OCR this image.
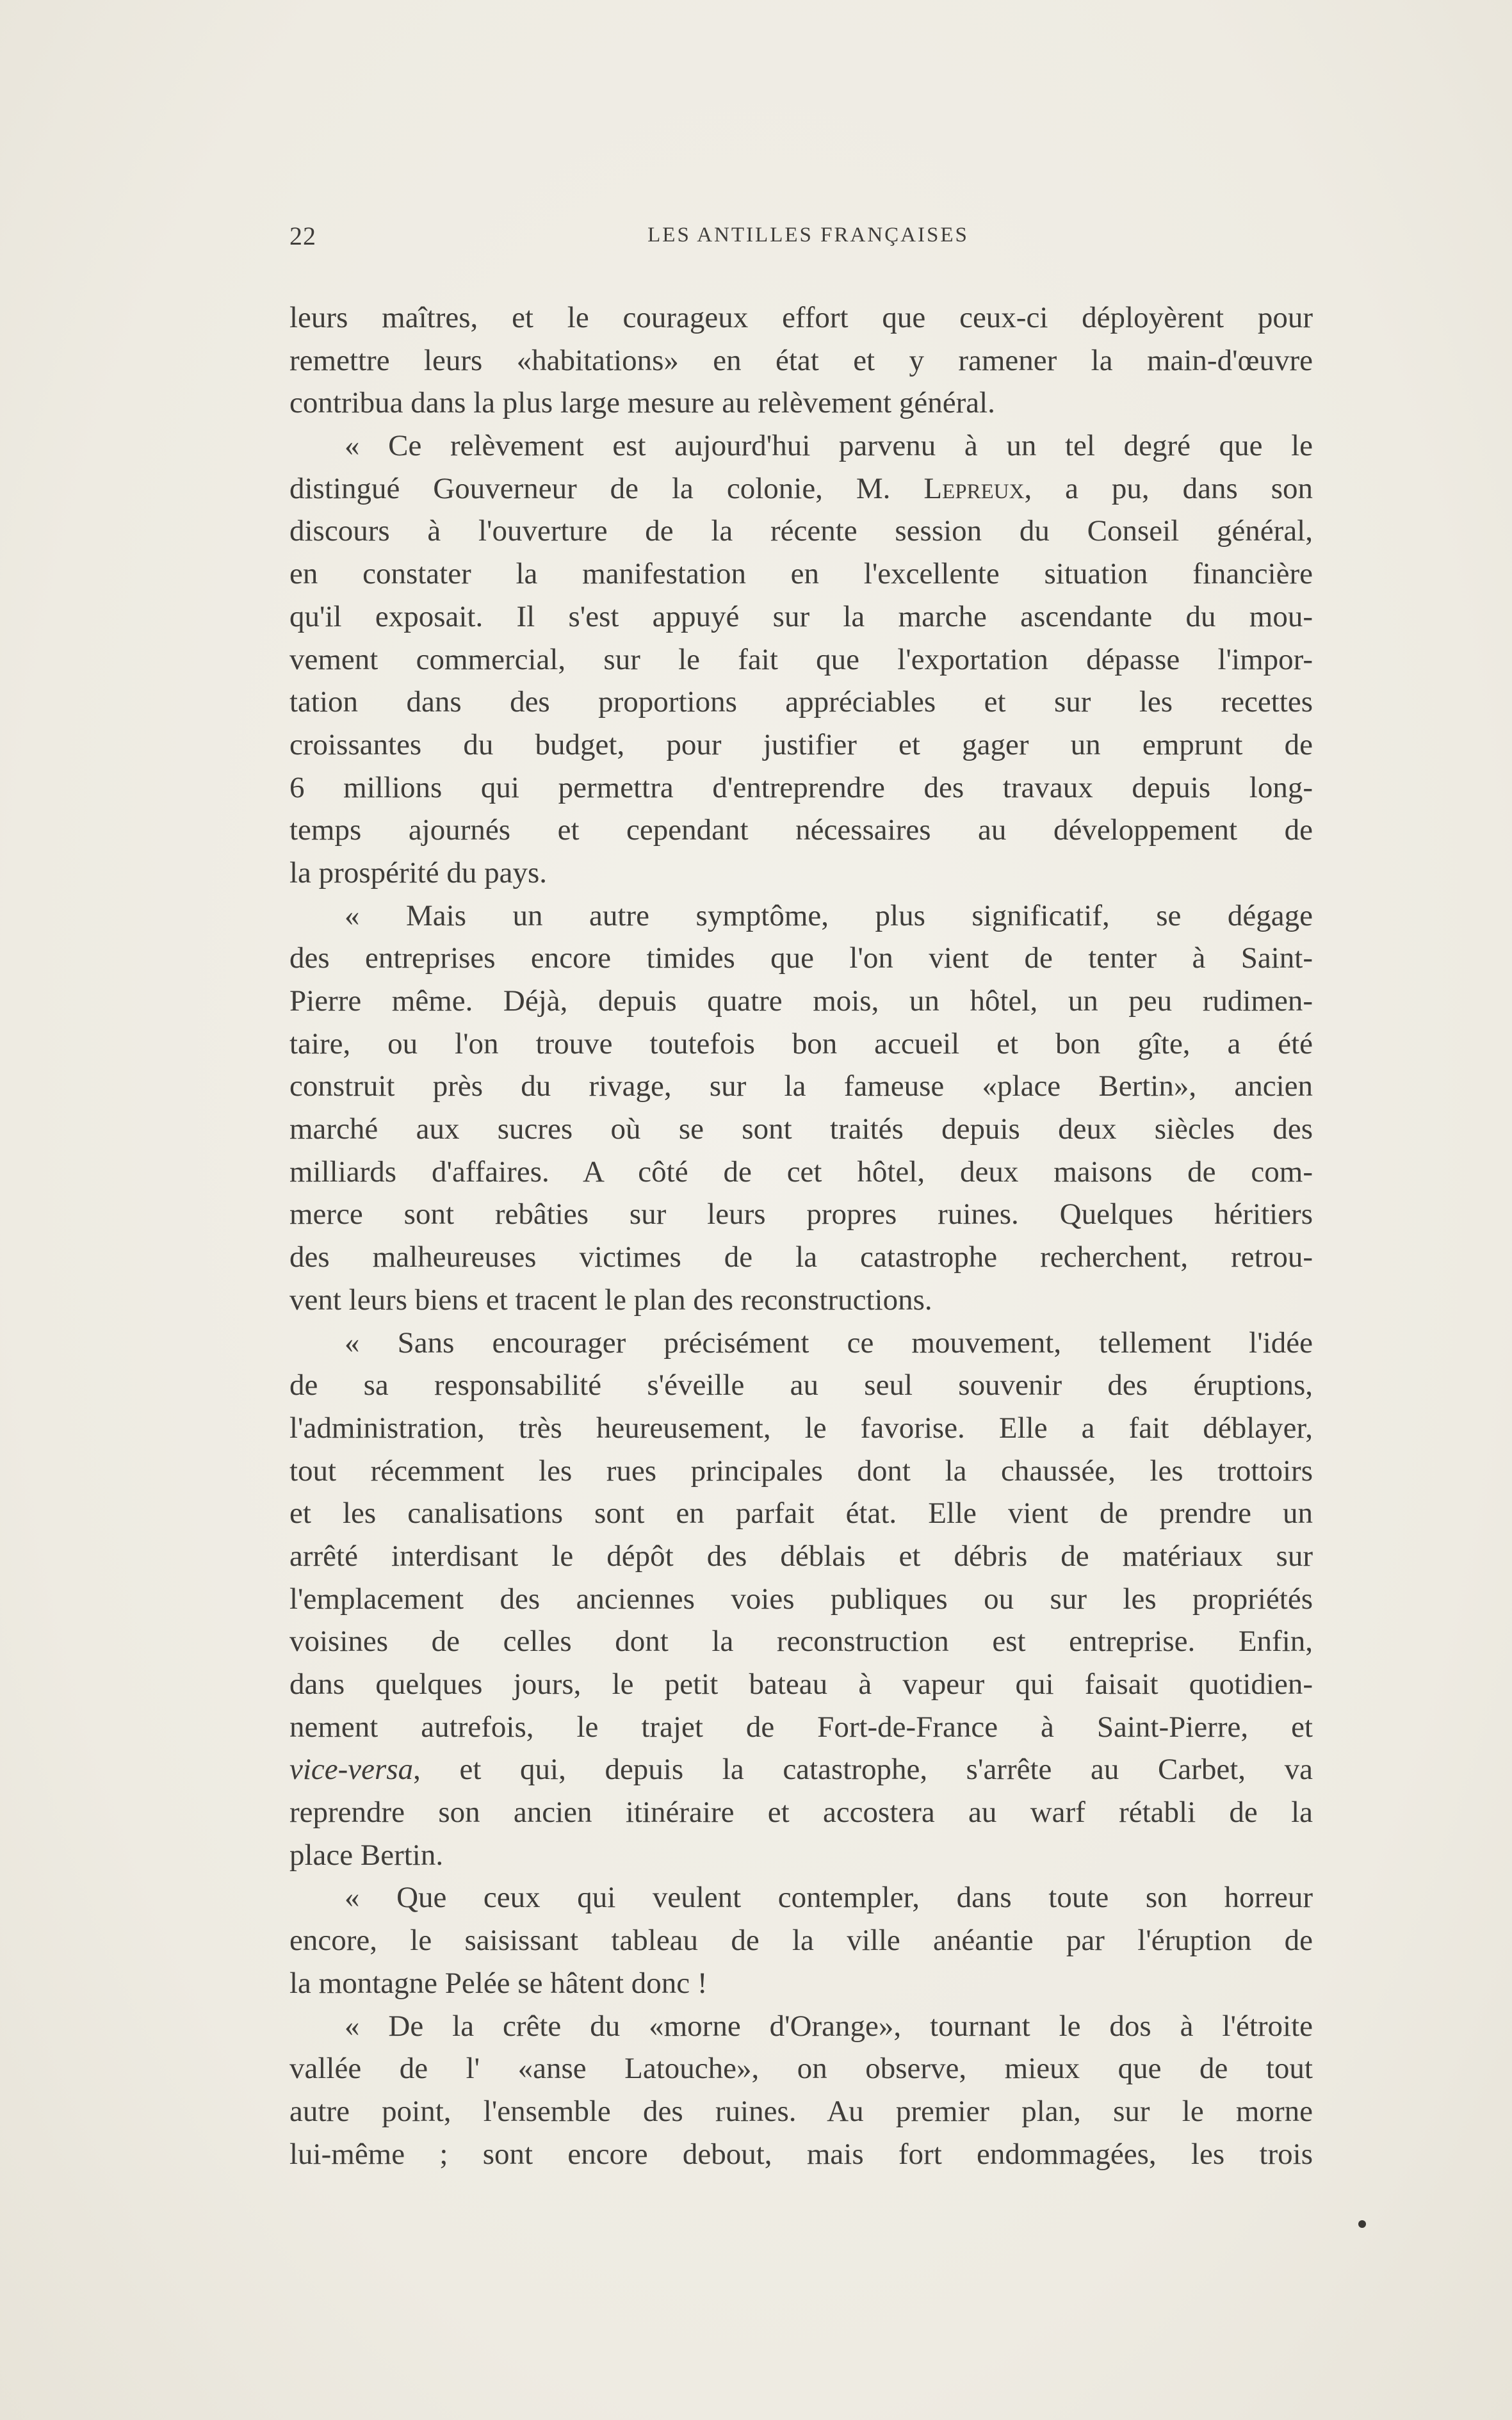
22	LES ANTILLES FRANÇAISES
leurs maîtres, et le courageux effort que ceux-ci déployèrent pour
remettre leurs «habitations» en état et y ramener la main-d'œuvre
contribua dans la plus large mesure au relèvement général.
« Ce relèvement est aujourd'hui parvenu à un tel degré que le
distingué Gouverneur de la colonie, M. Lepreux, a pu, dans son
discours à l'ouverture de la récente session du Conseil général,
en constater la manifestation en l'excellente situation financière
qu'il exposait. Il s'est appuyé sur la marche ascendante du mou-
vement commercial, sur le fait que l'exportation dépasse l'impor-
tation dans des proportions appréciables et sur les recettes
croissantes du budget, pour justifier et gager un emprunt de
6 millions qui permettra d'entreprendre des travaux depuis long-
temps ajournés et cependant nécessaires au développement de
la prospérité du pays.
« Mais un autre symptôme, plus significatif, se dégage
des entreprises encore timides que l'on vient de tenter à Saint-
Pierre même. Déjà, depuis quatre mois, un hôtel, un peu rudimen-
taire, ou l'on trouve toutefois bon accueil et bon gîte, a été
construit près du rivage, sur la fameuse «place Bertin», ancien
marché aux sucres où se sont traités depuis deux siècles des
milliards d'affaires. A côté de cet hôtel, deux maisons de com-
merce sont rebâties sur leurs propres ruines. Quelques héritiers
des malheureuses victimes de la catastrophe recherchent, retrou-
vent leurs biens et tracent le plan des reconstructions.
« Sans encourager précisément ce mouvement, tellement l'idée
de sa responsabilité s'éveille au seul souvenir des éruptions,
l'administration, très heureusement, le favorise. Elle a fait déblayer,
tout récemment les rues principales dont la chaussée, les trottoirs
et les canalisations sont en parfait état. Elle vient de prendre un
arrêté interdisant le dépôt des déblais et débris de matériaux sur
l'emplacement des anciennes voies publiques ou sur les propriétés
voisines de celles dont la reconstruction est entreprise. Enfin,
dans quelques jours, le petit bateau à vapeur qui faisait quotidien-
nement autrefois, le trajet de Fort-de-France à Saint-Pierre, et
vice-versa, et qui, depuis la catastrophe, s'arrête au Carbet, va
reprendre son ancien itinéraire et accostera au warf rétabli de la
place Bertin.
« Que ceux qui veulent contempler, dans toute son horreur
encore, le saisissant tableau de la ville anéantie par l'éruption de
la montagne Pelée se hâtent donc !
« De la crête du «morne d'Orange», tournant le dos à l'étroite
vallée de l' «anse Latouche», on observe, mieux que de tout
autre point, l'ensemble des ruines. Au premier plan, sur le morne
lui-même ; sont encore debout, mais fort endommagées, les trois
